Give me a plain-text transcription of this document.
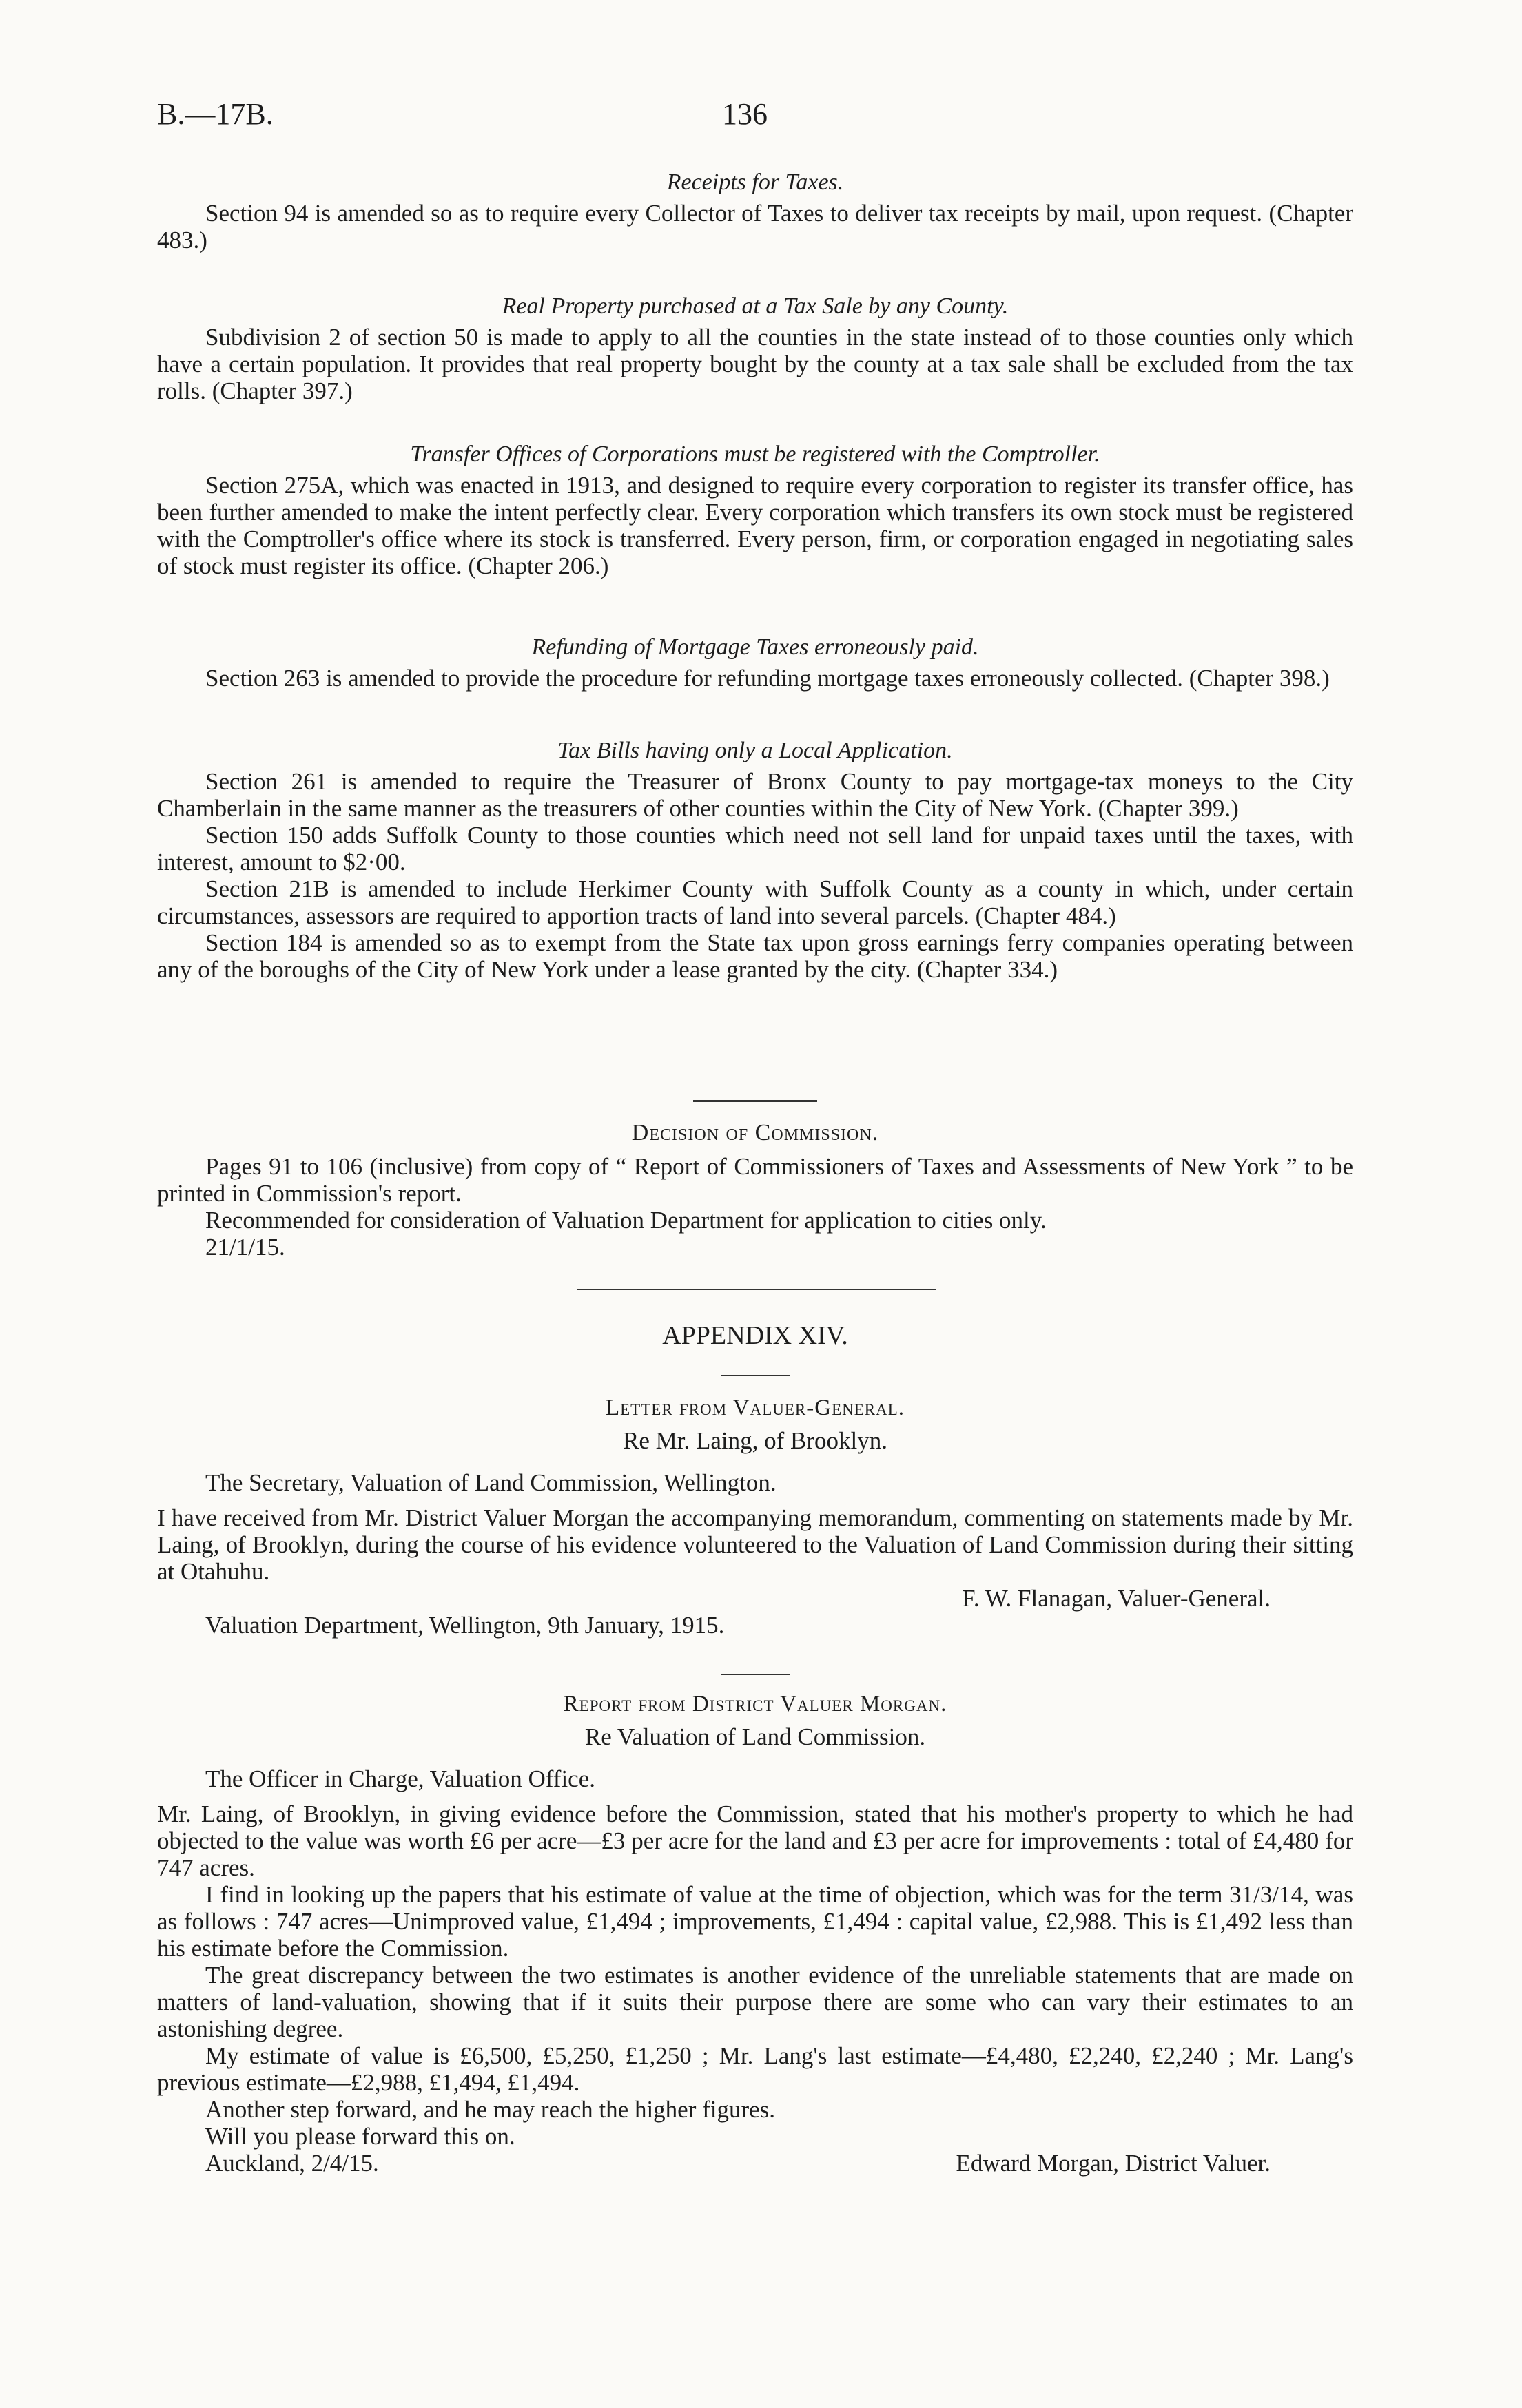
B.—17B.	136

Receipts for Taxes.

Section 94 is amended so as to require every Collector of Taxes to deliver tax receipts by mail, upon request. (Chapter 483.)

Real Property purchased at a Tax Sale by any County.

Subdivision 2 of section 50 is made to apply to all the counties in the state instead of to those counties only which have a certain population. It provides that real property bought by the county at a tax sale shall be excluded from the tax rolls. (Chapter 397.)

Transfer Offices of Corporations must be registered with the Comptroller.

Section 275A, which was enacted in 1913, and designed to require every corporation to register its transfer office, has been further amended to make the intent perfectly clear. Every corporation which transfers its own stock must be registered with the Comptroller's office where its stock is transferred. Every person, firm, or corporation engaged in negotiating sales of stock must register its office. (Chapter 206.)

Refunding of Mortgage Taxes erroneously paid.

Section 263 is amended to provide the procedure for refunding mortgage taxes erroneously collected. (Chapter 398.)

Tax Bills having only a Local Application.

Section 261 is amended to require the Treasurer of Bronx County to pay mortgage-tax moneys to the City Chamberlain in the same manner as the treasurers of other counties within the City of New York. (Chapter 399.)

Section 150 adds Suffolk County to those counties which need not sell land for unpaid taxes until the taxes, with interest, amount to $2·00.

Section 21B is amended to include Herkimer County with Suffolk County as a county in which, under certain circumstances, assessors are required to apportion tracts of land into several parcels. (Chapter 484.)

Section 184 is amended so as to exempt from the State tax upon gross earnings ferry companies operating between any of the boroughs of the City of New York under a lease granted by the city. (Chapter 334.)

Decision of Commission.

Pages 91 to 106 (inclusive) from copy of “ Report of Commissioners of Taxes and Assessments of New York ” to be printed in Commission's report.

Recommended for consideration of Valuation Department for application to cities only.

21/1/15.

APPENDIX XIV.

Letter from Valuer-General.

Re Mr. Laing, of Brooklyn.

The Secretary, Valuation of Land Commission, Wellington.

I have received from Mr. District Valuer Morgan the accompanying memorandum, commenting on statements made by Mr. Laing, of Brooklyn, during the course of his evidence volunteered to the Valuation of Land Commission during their sitting at Otahuhu.

F. W. Flanagan, Valuer-General.

Valuation Department, Wellington, 9th January, 1915.

Report from District Valuer Morgan.

Re Valuation of Land Commission.

The Officer in Charge, Valuation Office.

Mr. Laing, of Brooklyn, in giving evidence before the Commission, stated that his mother's property to which he had objected to the value was worth £6 per acre—£3 per acre for the land and £3 per acre for improvements : total of £4,480 for 747 acres.

I find in looking up the papers that his estimate of value at the time of objection, which was for the term 31/3/14, was as follows : 747 acres—Unimproved value, £1,494 ; improvements, £1,494 : capital value, £2,988. This is £1,492 less than his estimate before the Commission.

The great discrepancy between the two estimates is another evidence of the unreliable statements that are made on matters of land-valuation, showing that if it suits their purpose there are some who can vary their estimates to an astonishing degree.

My estimate of value is £6,500, £5,250, £1,250 ; Mr. Lang's last estimate—£4,480, £2,240, £2,240 ; Mr. Lang's previous estimate—£2,988, £1,494, £1,494.

Another step forward, and he may reach the higher figures.

Will you please forward this on.

Auckland, 2/4/15.	Edward Morgan, District Valuer.
